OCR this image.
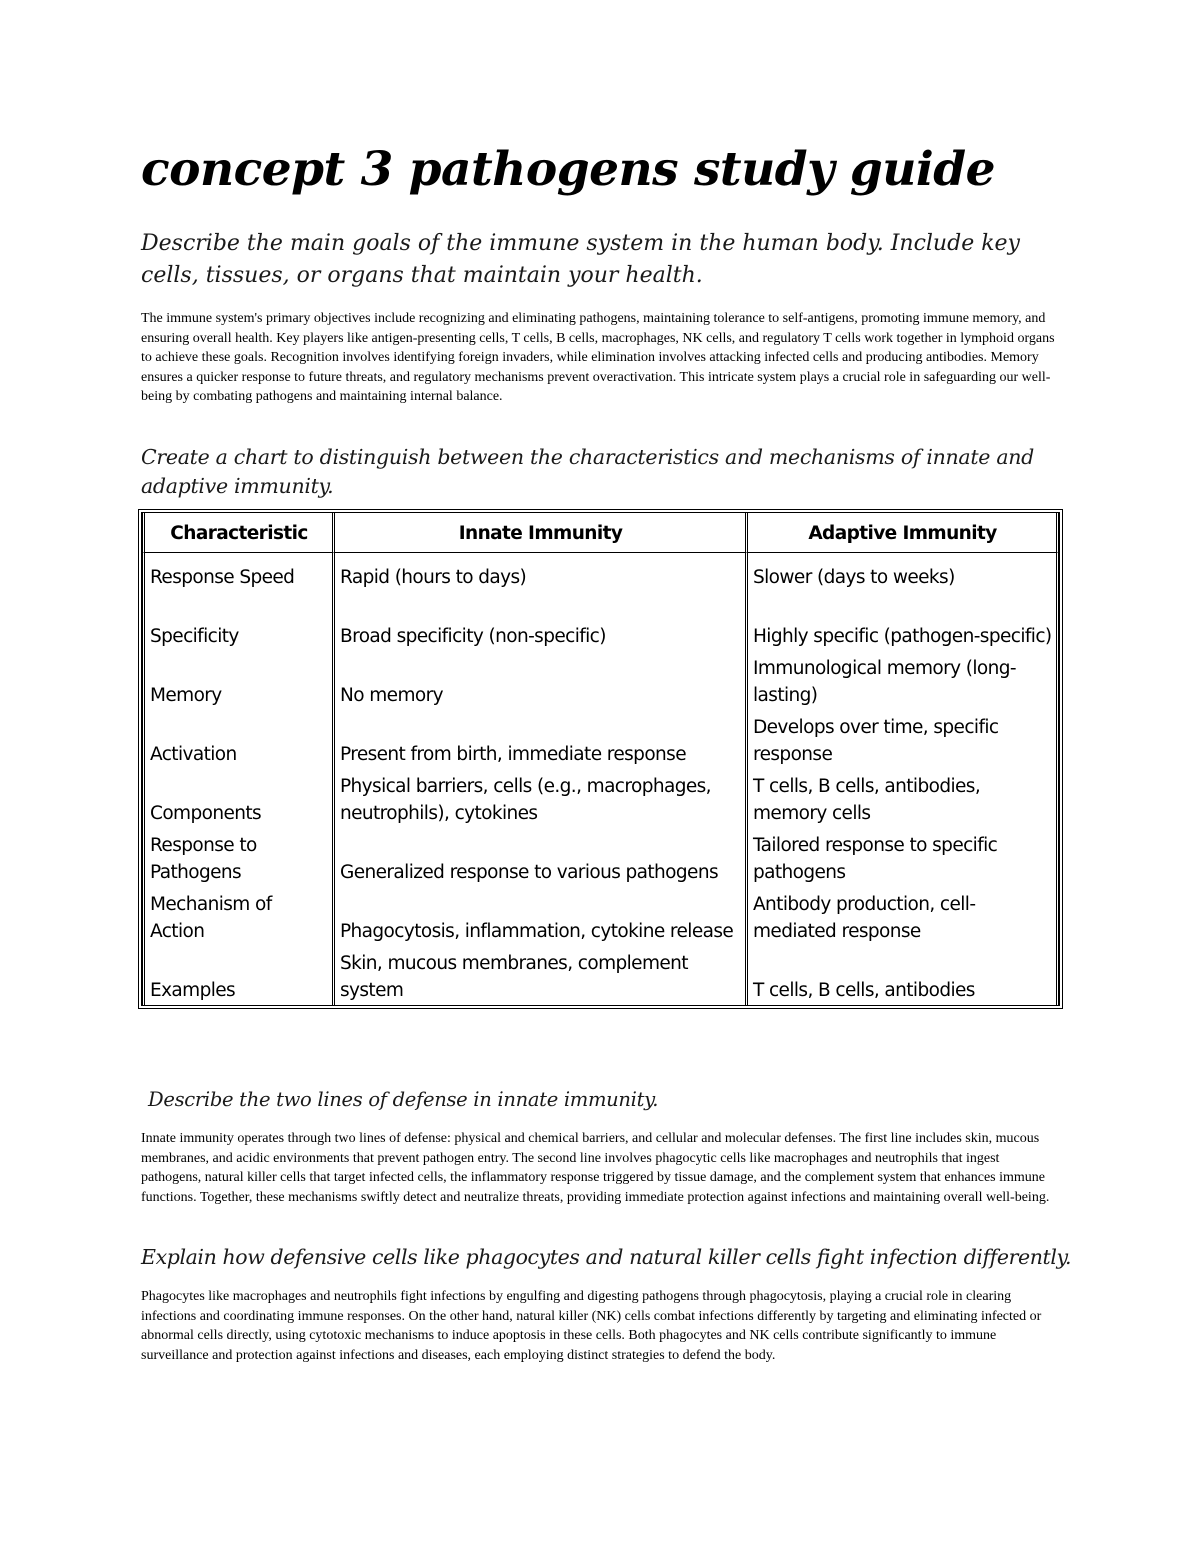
concept 3 pathogens study guide

Describe the main goals of the immune system in the human body. Include key cells, tissues, or organs that maintain your health.

The immune system's primary objectives include recognizing and eliminating pathogens, maintaining tolerance to self-antigens, promoting immune memory, and ensuring overall health. Key players like antigen-presenting cells, T cells, B cells, macrophages, NK cells, and regulatory T cells work together in lymphoid organs to achieve these goals. Recognition involves identifying foreign invaders, while elimination involves attacking infected cells and producing antibodies. Memory ensures a quicker response to future threats, and regulatory mechanisms prevent overactivation. This intricate system plays a crucial role in safeguarding our well-being by combating pathogens and maintaining internal balance.

Create a chart to distinguish between the characteristics and mechanisms of innate and adaptive immunity.

Characteristic	Innate Immunity	Adaptive Immunity
Response Speed	Rapid (hours to days)	Slower (days to weeks)
Specificity	Broad specificity (non-specific)	Highly specific (pathogen-specific)
Memory	No memory	Immunological memory (long-lasting)
Activation	Present from birth, immediate response	Develops over time, specific response
Components	Physical barriers, cells (e.g., macrophages, neutrophils), cytokines	T cells, B cells, antibodies, memory cells
Response to Pathogens	Generalized response to various pathogens	Tailored response to specific pathogens
Mechanism of Action	Phagocytosis, inflammation, cytokine release	Antibody production, cell-mediated response
Examples	Skin, mucous membranes, complement system	T cells, B cells, antibodies

Describe the two lines of defense in innate immunity.

Innate immunity operates through two lines of defense: physical and chemical barriers, and cellular and molecular defenses. The first line includes skin, mucous membranes, and acidic environments that prevent pathogen entry. The second line involves phagocytic cells like macrophages and neutrophils that ingest pathogens, natural killer cells that target infected cells, the inflammatory response triggered by tissue damage, and the complement system that enhances immune functions. Together, these mechanisms swiftly detect and neutralize threats, providing immediate protection against infections and maintaining overall well-being.

Explain how defensive cells like phagocytes and natural killer cells fight infection differently.

Phagocytes like macrophages and neutrophils fight infections by engulfing and digesting pathogens through phagocytosis, playing a crucial role in clearing infections and coordinating immune responses. On the other hand, natural killer (NK) cells combat infections differently by targeting and eliminating infected or abnormal cells directly, using cytotoxic mechanisms to induce apoptosis in these cells. Both phagocytes and NK cells contribute significantly to immune surveillance and protection against infections and diseases, each employing distinct strategies to defend the body.
